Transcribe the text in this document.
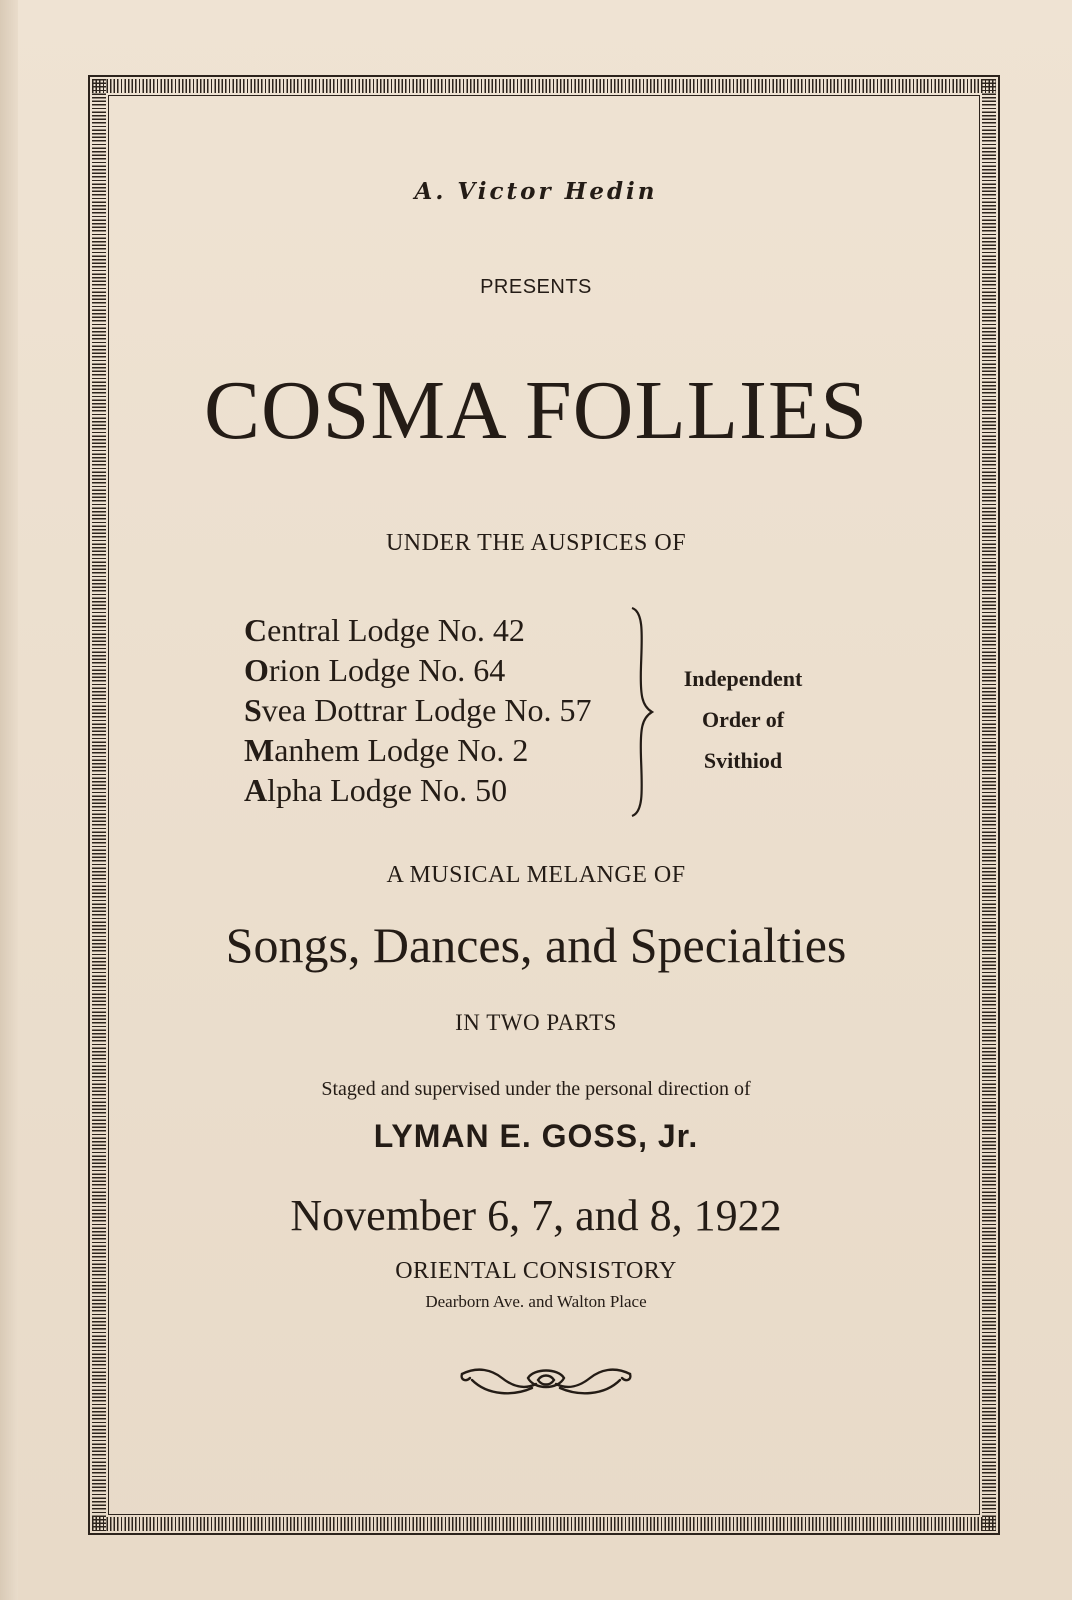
A. Victor Hedin
PRESENTS
COSMA FOLLIES
UNDER THE AUSPICES OF
Central Lodge No. 42
Orion Lodge No. 64
Svea Dottrar Lodge No. 57
Manhem Lodge No. 2
Alpha Lodge No. 50
Independent
Order of
Svithiod
A MUSICAL MELANGE OF
Songs, Dances, and Specialties
IN TWO PARTS
Staged and supervised under the personal direction of
LYMAN E. GOSS, Jr.
November 6, 7, and 8, 1922
ORIENTAL CONSISTORY
Dearborn Ave. and Walton Place
